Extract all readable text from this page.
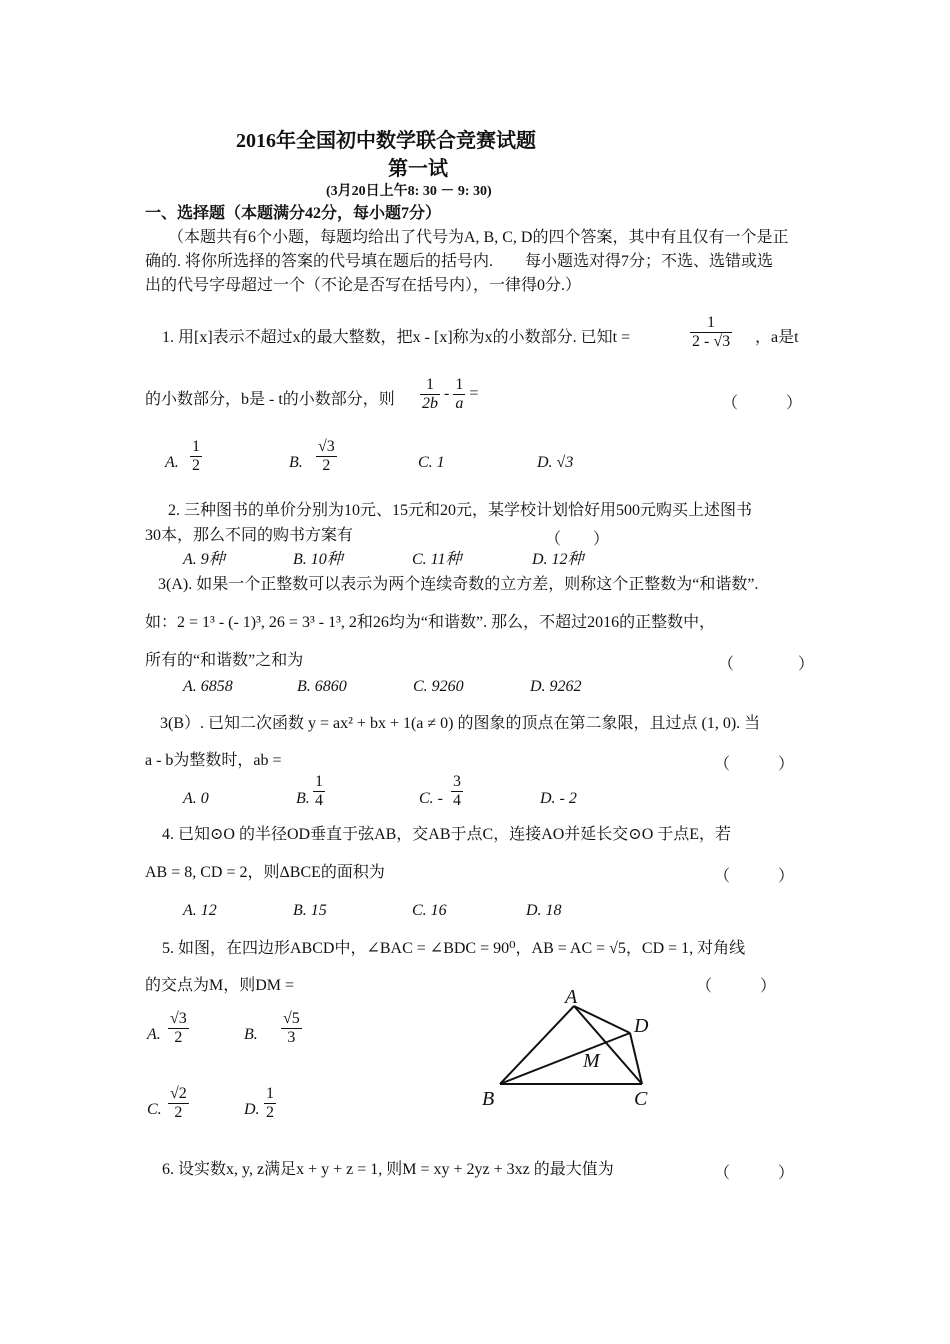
2016年全国初中数学联合竞赛试题
第一试
(3月20日上午8: 30 － 9: 30)
一、选择题（本题满分42分，每小题7分）
（本题共有6个小题，每题均给出了代号为A, B, C, D的四个答案，其中有且仅有一个是正
确的. 将你所选择的答案的代号填在题后的括号内.　　每小题选对得7分；不选、选错或选
出的代号字母超过一个（不论是否写在括号内），一律得0分.）
1. 用[x]表示不超过x的最大整数，把x - [x]称为x的小数部分. 已知t =	$\frac{1}{2 - √3}$ ，a是t
的小数部分，b是 - t的小数部分，则 $\frac{1}{2b} - \frac{1}{a}$ =
（　　　）
A. $\frac{1}{2}$	B. $\frac{√3}{2}$	C. 1	D. √3
2. 三种图书的单价分别为10元、15元和20元，某学校计划恰好用500元购买上述图书
30本，那么不同的购书方案有	（　　）
A. 9种	B. 10种	C. 11种	D. 12种
3(A). 如果一个正整数可以表示为两个连续奇数的立方差，则称这个正整数为“和谐数”.
如：2 = 1³ - (- 1)³, 26 = 3³ - 1³, 2和26均为“和谐数”. 那么，不超过2016的正整数中，
所有的“和谐数”之和为	（　　　　）
A. 6858	B. 6860	C. 9260	D. 9262
3(B）. 已知二次函数 y = ax² + bx + 1(a ≠ 0) 的图象的顶点在第二象限，且过点 (1, 0). 当
a - b为整数时，ab =	（　　　）
A. 0	B. $\frac{1}{4}$	C. - $\frac{3}{4}$	D. - 2
4. 已知⊙O 的半径OD垂直于弦AB，交AB于点C，连接AO并延长交⊙O 于点E，若
AB = 8, CD = 2，则ΔBCE的面积为	（　　　）
A. 12	B. 15	C. 16	D. 18
5. 如图，在四边形ABCD中，∠BAC = ∠BDC = 90⁰，AB = AC = √5，CD = 1, 对角线
的交点为M，则DM =	（　　　）
A. $\frac{√3}{2}$	B. $\frac{√5}{3}$
C. $\frac{√2}{2}$	D. $\frac{1}{2}$
A
D
M
B	C
6. 设实数x, y, z满足x + y + z = 1, 则M = xy + 2yz + 3xz 的最大值为	（　　　）
